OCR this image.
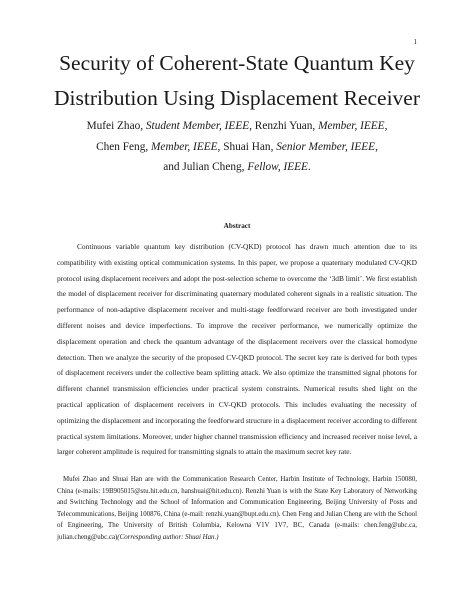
1
Security of Coherent-State Quantum Key Distribution Using Displacement Receiver
Mufei Zhao, Student Member, IEEE, Renzhi Yuan, Member, IEEE,
Chen Feng, Member, IEEE, Shuai Han, Senior Member, IEEE,
and Julian Cheng, Fellow, IEEE.
Abstract

Continuous variable quantum key distribution (CV-QKD) protocol has drawn much attention due to its compatibility with existing optical communication systems. In this paper, we propose a quaternary modulated CV-QKD protocol using displacement receivers and adopt the post-selection scheme to overcome the ‘3dB limit’. We first establish the model of displacement receiver for discriminating quaternary modulated coherent signals in a realistic situation. The performance of non-adaptive displacement receiver and multi-stage feedforward receiver are both investigated under different noises and device imperfections. To improve the receiver performance, we numerically optimize the displacement operation and check the quantum advantage of the displacement receivers over the classical homodyne detection. Then we analyze the security of the proposed CV-QKD protocol. The secret key rate is derived for both types of displacement receivers under the collective beam splitting attack. We also optimize the transmitted signal photons for different channel transmission efficiencies under practical system constraints. Numerical results shed light on the practical application of displacement receivers in CV-QKD protocols. This includes evaluating the necessity of optimizing the displacement and incorporating the feedforward structure in a displacement receiver according to different practical system limitations. Moreover, under higher channel transmission efficiency and increased receiver noise level, a larger coherent amplitude is required for transmitting signals to attain the maximum secret key rate.

Mufei Zhao and Shuai Han are with the Communication Research Center, Harbin Institute of Technology, Harbin 150080, China (e-mails: 19B905015@stu.hit.edu.cn, hanshuai@hit.edu.cn). Renzhi Yuan is with the State Key Laboratory of Networking and Switching Technology and the School of Information and Communication Engineering, Beijing University of Posts and Telecommunications, Beijing 100876, China (e-mail: renzhi.yuan@bupt.edu.cn). Chen Feng and Julian Cheng are with the School of Engineering, The University of British Columbia, Kelowna V1V 1V7, BC, Canada (e-mails: chen.feng@ubc.ca, julian.cheng@ubc.ca)(Corresponding author: Shuai Han.)
